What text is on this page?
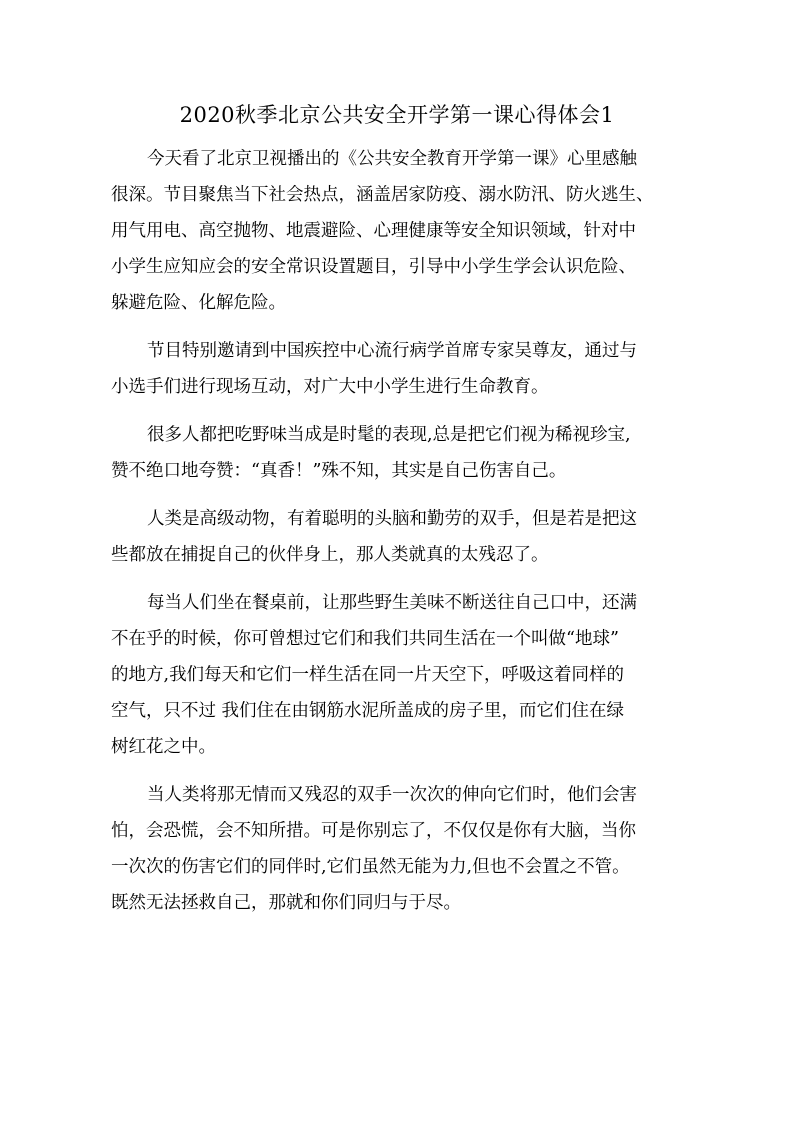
2020秋季北京公共安全开学第一课心得体会1

今天看了北京卫视播出的《公共安全教育开学第一课》心里感触
很深。节目聚焦当下社会热点，涵盖居家防疫、溺水防汛、防火逃生、
用气用电、高空抛物、地震避险、心理健康等安全知识领域，针对中
小学生应知应会的安全常识设置题目，引导中小学生学会认识危险、
躲避危险、化解危险。

节目特别邀请到中国疾控中心流行病学首席专家吴尊友，通过与
小选手们进行现场互动，对广大中小学生进行生命教育。

很多人都把吃野味当成是时髦的表现,总是把它们视为稀视珍宝,
赞不绝口地夸赞：“真香！”殊不知，其实是自己伤害自己。

人类是高级动物，有着聪明的头脑和勤劳的双手，但是若是把这
些都放在捕捉自己的伙伴身上，那人类就真的太残忍了。

每当人们坐在餐桌前，让那些野生美味不断送往自己口中，还满
不在乎的时候，你可曾想过它们和我们共同生活在一个叫做“地球”
的地方,我们每天和它们一样生活在同一片天空下，呼吸这着同样的
空气，只不过 我们住在由钢筋水泥所盖成的房子里，而它们住在绿
树红花之中。

当人类将那无情而又残忍的双手一次次的伸向它们时，他们会害
怕，会恐慌，会不知所措。可是你别忘了，不仅仅是你有大脑，当你
一次次的伤害它们的同伴时,它们虽然无能为力,但也不会置之不管。
既然无法拯救自己，那就和你们同归与于尽。
